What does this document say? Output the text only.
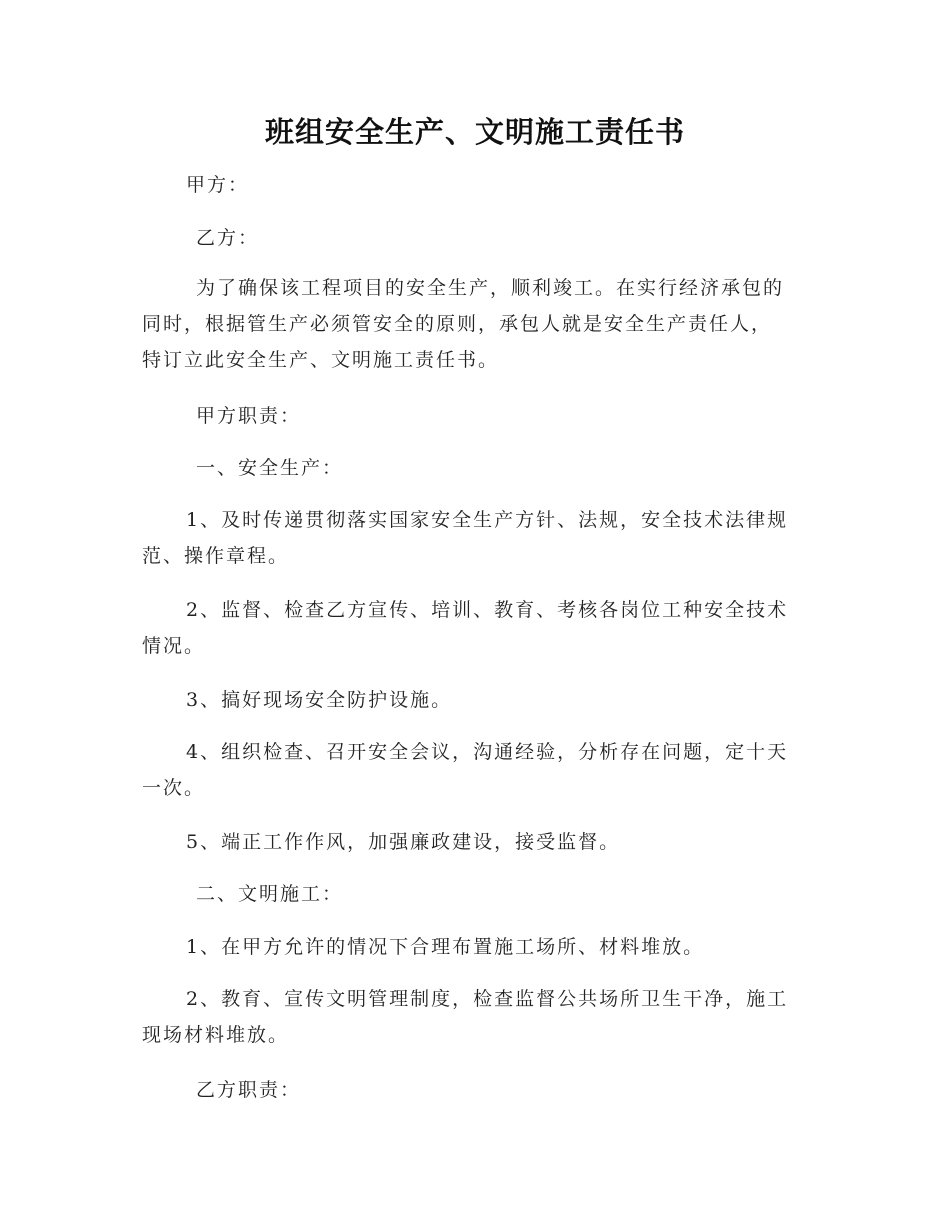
班组安全生产、文明施工责任书
甲方：
乙方：
为了确保该工程项目的安全生产，顺利竣工。在实行经济承包的
同时，根据管生产必须管安全的原则，承包人就是安全生产责任人，
特订立此安全生产、文明施工责任书。
甲方职责：
一、安全生产：
1、及时传递贯彻落实国家安全生产方针、法规，安全技术法律规
范、操作章程。
2、监督、检查乙方宣传、培训、教育、考核各岗位工种安全技术
情况。
3、搞好现场安全防护设施。
4、组织检查、召开安全会议，沟通经验，分析存在问题，定十天
一次。
5、端正工作作风，加强廉政建设，接受监督。
二、文明施工：
1、在甲方允许的情况下合理布置施工场所、材料堆放。
2、教育、宣传文明管理制度，检查监督公共场所卫生干净，施工
现场材料堆放。
乙方职责：
